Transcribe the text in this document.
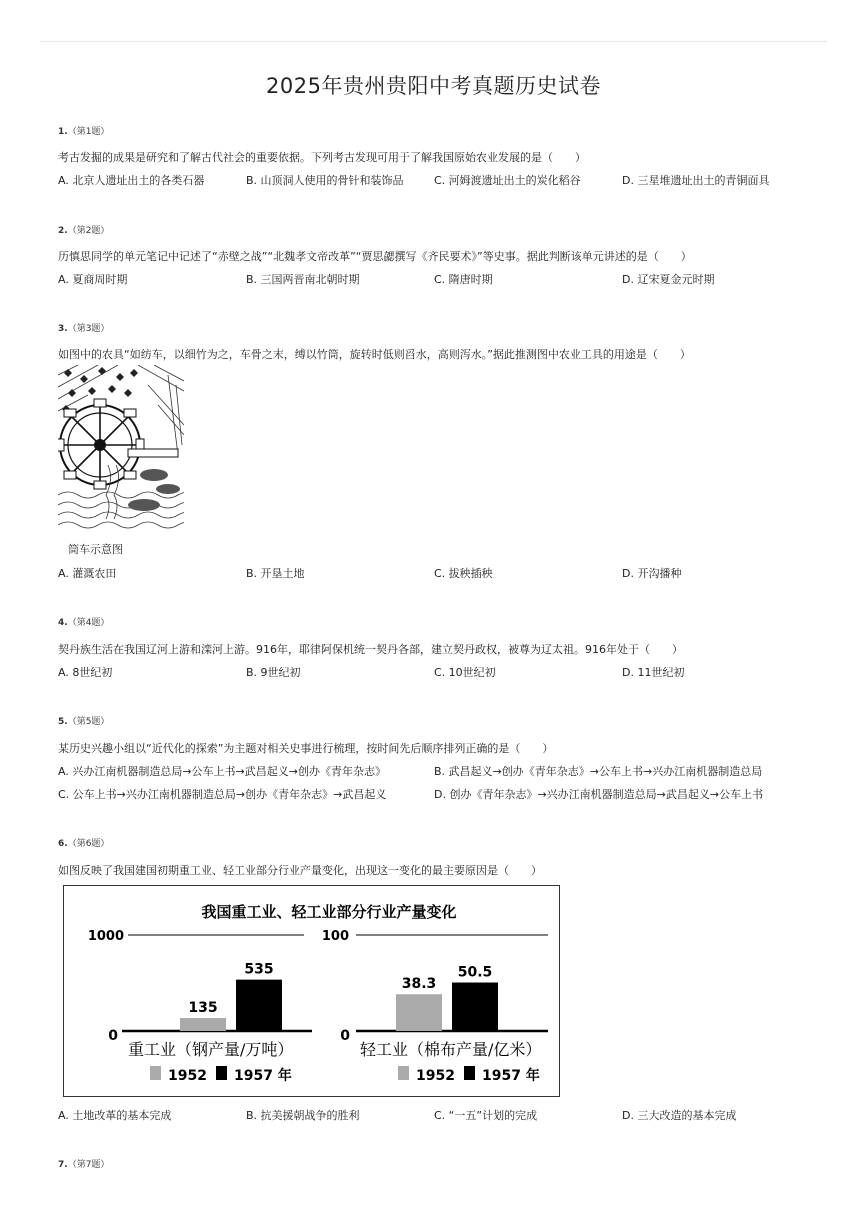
2025年贵州贵阳中考真题历史试卷
1.（第1题）
考古发掘的成果是研究和了解古代社会的重要依据。下列考古发现可用于了解我国原始农业发展的是（　　）
A. 北京人遗址出土的各类石器	B. 山顶洞人使用的骨针和装饰品	C. 河姆渡遗址出土的炭化稻谷	D. 三星堆遗址出土的青铜面具
2.（第2题）
历慎思同学的单元笔记中记述了“赤壁之战”“北魏孝文帝改革”“贾思勰撰写《齐民要术》”等史事。据此判断该单元讲述的是（　　）
A. 夏商周时期	B. 三国两晋南北朝时期	C. 隋唐时期	D. 辽宋夏金元时期
3.（第3题）
如图中的农具“如纺车，以细竹为之，车骨之末，缚以竹筒，旋转时低则舀水，高则泻水。”据此推测图中农业工具的用途是（　　）
筒车示意图
A. 灌溉农田	B. 开垦土地	C. 拔秧插秧	D. 开沟播种
4.（第4题）
契丹族生活在我国辽河上游和滦河上游。916年，耶律阿保机统一契丹各部，建立契丹政权，被尊为辽太祖。916年处于（　　）
A. 8世纪初	B. 9世纪初	C. 10世纪初	D. 11世纪初
5.（第5题）
某历史兴趣小组以“近代化的探索”为主题对相关史事进行梳理，按时间先后顺序排列正确的是（　　）
A. 兴办江南机器制造总局→公车上书→武昌起义→创办《青年杂志》	B. 武昌起义→创办《青年杂志》→公车上书→兴办江南机器制造总局
C. 公车上书→兴办江南机器制造总局→创办《青年杂志》→武昌起义	D. 创办《青年杂志》→兴办江南机器制造总局→武昌起义→公车上书
6.（第6题）
如图反映了我国建国初期重工业、轻工业部分行业产量变化，出现这一变化的最主要原因是（　　）
我国重工业、轻工业部分行业产量变化
1000
0
135
535
重工业（钢产量/万吨）
1952 1957 年
100
0
38.3
50.5
轻工业（棉布产量/亿米）
1952 1957 年
A. 土地改革的基本完成	B. 抗美援朝战争的胜利	C. “一五”计划的完成	D. 三大改造的基本完成
7.（第7题）
